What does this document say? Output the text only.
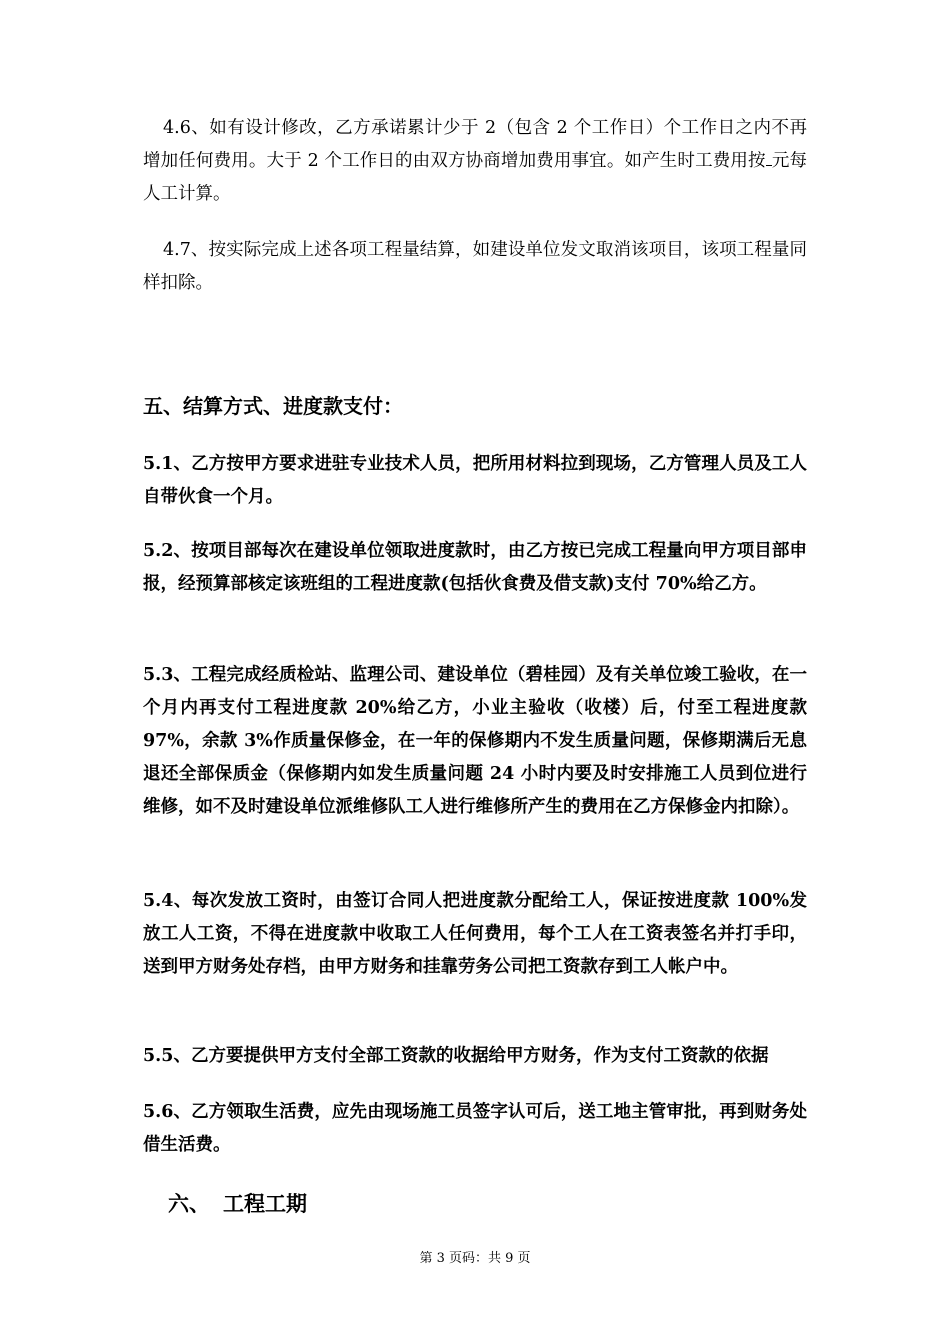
4.6、如有设计修改，乙方承诺累计少于 2（包含 2 个工作日）个工作日之内不再增加任何费用。大于 2 个工作日的由双方协商增加费用事宜。如产生时工费用按 元每人工计算。

4.7、按实际完成上述各项工程量结算，如建设单位发文取消该项目，该项工程量同样扣除。

五、结算方式、进度款支付：

5.1、乙方按甲方要求进驻专业技术人员，把所用材料拉到现场，乙方管理人员及工人自带伙食一个月。

5.2、按项目部每次在建设单位领取进度款时，由乙方按已完成工程量向甲方项目部申报，经预算部核定该班组的工程进度款(包括伙食费及借支款)支付 70%给乙方。

5.3、工程完成经质检站、监理公司、建设单位（碧桂园）及有关单位竣工验收，在一个月内再支付工程进度款 20%给乙方，小业主验收（收楼）后，付至工程进度款 97%，余款 3%作质量保修金，在一年的保修期内不发生质量问题，保修期满后无息退还全部保质金（保修期内如发生质量问题 24 小时内要及时安排施工人员到位进行维修，如不及时建设单位派维修队工人进行维修所产生的费用在乙方保修金内扣除）。

5.4、每次发放工资时，由签订合同人把进度款分配给工人，保证按进度款 100%发放工人工资，不得在进度款中收取工人任何费用，每个工人在工资表签名并打手印，送到甲方财务处存档，由甲方财务和挂靠劳务公司把工资款存到工人帐户中。

5.5、乙方要提供甲方支付全部工资款的收据给甲方财务，作为支付工资款的依据

5.6、乙方领取生活费，应先由现场施工员签字认可后，送工地主管审批，再到财务处借生活费。

六、 工程工期
第 3 页码：共 9 页
